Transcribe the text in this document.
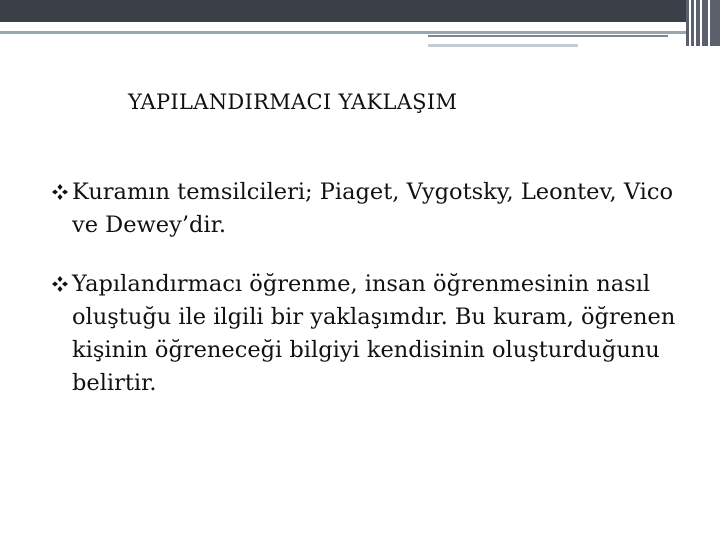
YAPILANDIRMACI YAKLAŞIM
Kuramın temsilcileri; Piaget, Vygotsky, Leontev, Vico ve Dewey’dir.
Yapılandırmacı öğrenme, insan öğrenmesinin nasıl oluştuğu ile ilgili bir yaklaşımdır. Bu kuram, öğrenen kişinin öğreneceği bilgiyi kendisinin oluşturduğunu belirtir.
